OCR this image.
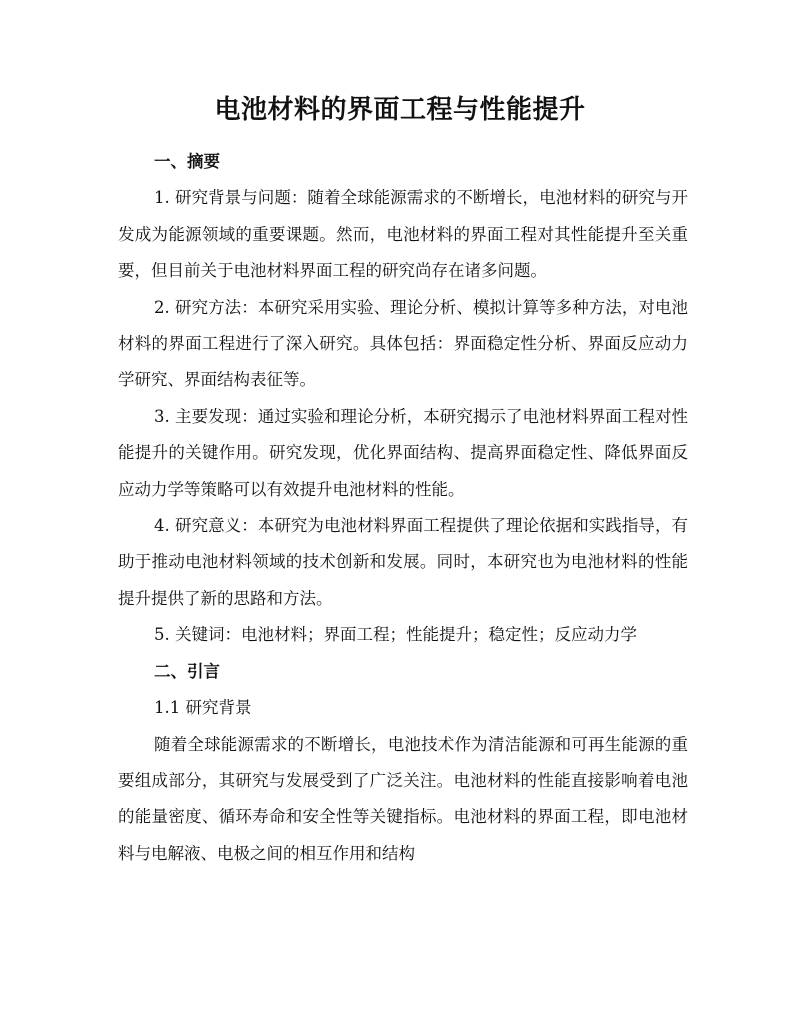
电池材料的界面工程与性能提升

一、摘要

1. 研究背景与问题：随着全球能源需求的不断增长，电池材料的研究与开发成为能源领域的重要课题。然而，电池材料的界面工程对其性能提升至关重要，但目前关于电池材料界面工程的研究尚存在诸多问题。

2. 研究方法：本研究采用实验、理论分析、模拟计算等多种方法，对电池材料的界面工程进行了深入研究。具体包括：界面稳定性分析、界面反应动力学研究、界面结构表征等。

3. 主要发现：通过实验和理论分析，本研究揭示了电池材料界面工程对性能提升的关键作用。研究发现，优化界面结构、提高界面稳定性、降低界面反应动力学等策略可以有效提升电池材料的性能。

4. 研究意义：本研究为电池材料界面工程提供了理论依据和实践指导，有助于推动电池材料领域的技术创新和发展。同时，本研究也为电池材料的性能提升提供了新的思路和方法。

5. 关键词：电池材料；界面工程；性能提升；稳定性；反应动力学

二、引言

1.1 研究背景

随着全球能源需求的不断增长，电池技术作为清洁能源和可再生能源的重要组成部分，其研究与发展受到了广泛关注。电池材料的性能直接影响着电池的能量密度、循环寿命和安全性等关键指标。电池材料的界面工程，即电池材料与电解液、电极之间的相互作用和结构
